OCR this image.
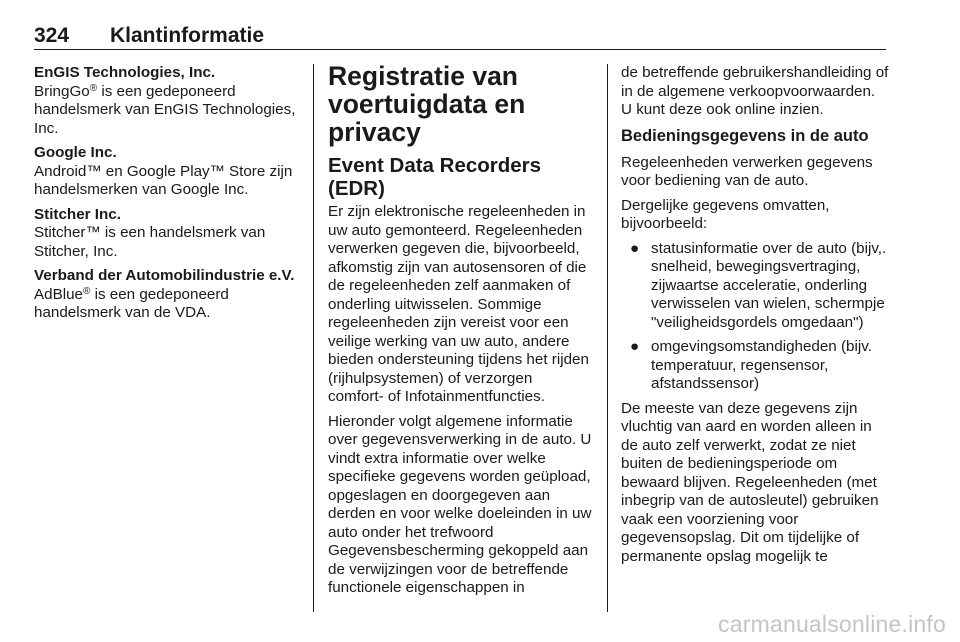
324 Klantinformatie
EnGIS Technologies, Inc.
BringGo® is een gedeponeerd handelsmerk van EnGIS Technologies, Inc.
Google Inc.
Android™ en Google Play™ Store zijn handelsmerken van Google Inc.
Stitcher Inc.
Stitcher™ is een handelsmerk van Stitcher, Inc.
Verband der Automobilindustrie e.V.
AdBlue® is een gedeponeerd handelsmerk van de VDA.
Registratie van voertuigdata en privacy
Event Data Recorders (EDR)

Er zijn elektronische regeleenheden in uw auto gemonteerd. Regeleenheden verwerken gegeven die, bijvoorbeeld, afkomstig zijn van autosensoren of die de regeleenheden zelf aanmaken of onderling uitwisselen. Sommige regeleenheden zijn vereist voor een veilige werking van uw auto, andere bieden ondersteuning tijdens het rijden (rijhulpsystemen) of verzorgen comfort- of Infotainmentfuncties.

Hieronder volgt algemene informatie over gegevensverwerking in de auto. U vindt extra informatie over welke specifieke gegevens worden geüpload, opgeslagen en doorgegeven aan derden en voor welke doeleinden in uw auto onder het trefwoord Gegevensbescherming gekoppeld aan de verwijzingen voor de betreffende functionele eigenschappen in

de betreffende gebruikershandleiding of in de algemene verkoopvoorwaarden. U kunt deze ook online inzien.

Bedieningsgegevens in de auto

Regeleenheden verwerken gegevens voor bediening van de auto.

Dergelijke gegevens omvatten, bijvoorbeeld:

● statusinformatie over de auto (bijv,. snelheid, bewegingsvertraging, zijwaartse acceleratie, onderling verwisselen van wielen, schermpje "veiligheidsgordels omgedaan")
● omgevingsomstandigheden (bijv. temperatuur, regensensor, afstandssensor)

De meeste van deze gegevens zijn vluchtig van aard en worden alleen in de auto zelf verwerkt, zodat ze niet buiten de bedieningsperiode om bewaard blijven. Regeleenheden (met inbegrip van de autosleutel) gebruiken vaak een voorziening voor gegevensopslag. Dit om tijdelijke of permanente opslag mogelijk te

carmanualsonline.info
